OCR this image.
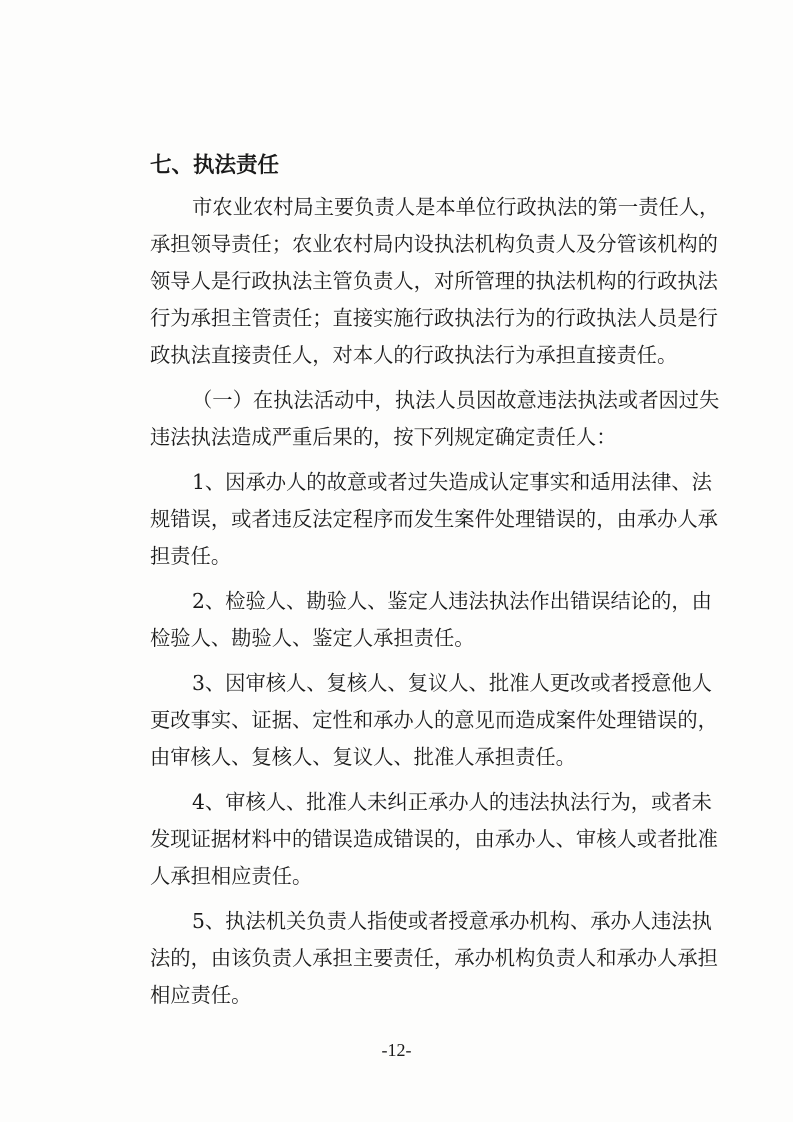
七、执法责任
市农业农村局主要负责人是本单位行政执法的第一责任人，
承担领导责任；农业农村局内设执法机构负责人及分管该机构的
领导人是行政执法主管负责人，对所管理的执法机构的行政执法
行为承担主管责任；直接实施行政执法行为的行政执法人员是行
政执法直接责任人，对本人的行政执法行为承担直接责任。
（一）在执法活动中，执法人员因故意违法执法或者因过失
违法执法造成严重后果的，按下列规定确定责任人：
1、因承办人的故意或者过失造成认定事实和适用法律、法
规错误，或者违反法定程序而发生案件处理错误的，由承办人承
担责任。
2、检验人、勘验人、鉴定人违法执法作出错误结论的，由
检验人、勘验人、鉴定人承担责任。
3、因审核人、复核人、复议人、批准人更改或者授意他人
更改事实、证据、定性和承办人的意见而造成案件处理错误的，
由审核人、复核人、复议人、批准人承担责任。
4、审核人、批准人未纠正承办人的违法执法行为，或者未
发现证据材料中的错误造成错误的，由承办人、审核人或者批准
人承担相应责任。
5、执法机关负责人指使或者授意承办机构、承办人违法执
法的，由该负责人承担主要责任，承办机构负责人和承办人承担
相应责任。
-12-
